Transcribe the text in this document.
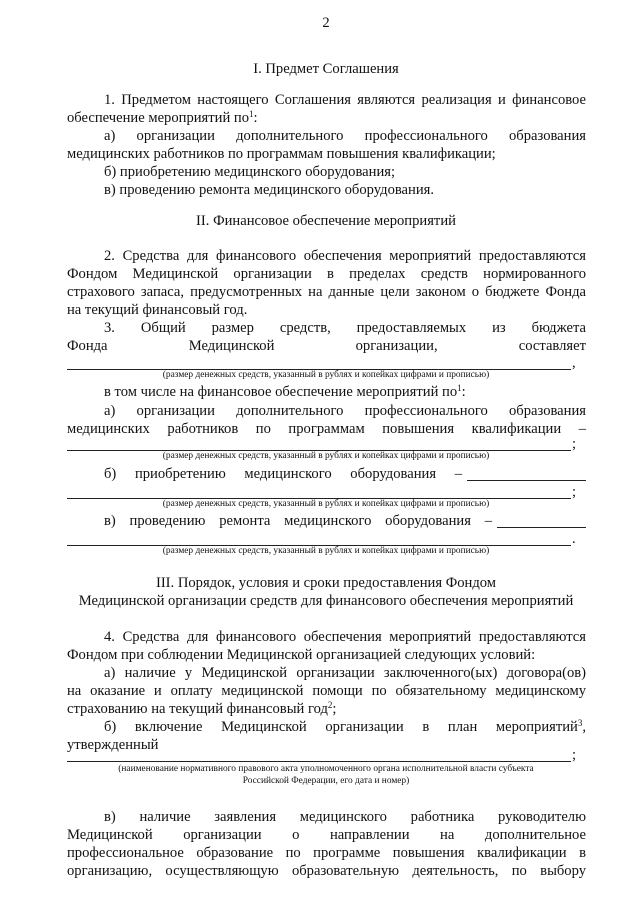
2
I. Предмет Соглашения
1. Предметом настоящего Соглашения являются реализация и финансовое
обеспечение мероприятий $по^1$:
а) организации дополнительного профессионального образования
медицинских работников по программам повышения квалификации;
б) приобретению медицинского оборудования;
в) проведению ремонта медицинского оборудования.
II. Финансовое обеспечение мероприятий
2. Средства для финансового обеспечения мероприятий предоставляются
Фондом Медицинской организации в пределах средств нормированного
страхового запаса, предусмотренных на данные цели законом о бюджете Фонда
на текущий финансовый год.
3. Общий размер средств, предоставляемых из бюджета
Фонда Медицинской организации, составляет
,
(размер денежных средств, указанный в рублях и копейках цифрами и прописью)
в том числе на финансовое обеспечение мероприятий $по^1$:
а) организации дополнительного профессионального образования
медицинских работников по программам повышения квалификации –
;
(размер денежных средств, указанный в рублях и копейках цифрами и прописью)
б) приобретению медицинского оборудования –
;
(размер денежных средств, указанный в рублях и копейках цифрами и прописью)
в) проведению ремонта медицинского оборудования –
.
(размер денежных средств, указанный в рублях и копейках цифрами и прописью)
III. Порядок, условия и сроки предоставления Фондом
Медицинской организации средств для финансового обеспечения мероприятий
4. Средства для финансового обеспечения мероприятий предоставляются
Фондом при соблюдении Медицинской организацией следующих условий:
а) наличие у Медицинской организации заключенного(ых) договора(ов)
на оказание и оплату медицинской помощи по обязательному медицинскому
страхованию на текущий финансовый год$^2$;
б) включение Медицинской организации в план мероприятий $^3$,
утвержденный
;
(наименование нормативного правового акта уполномоченного органа исполнительной власти субъекта
Российской Федерации, его дата и номер)
в) наличие заявления медицинского работника руководителю
Медицинской организации о направлении на дополнительное
профессиональное образование по программе повышения квалификации в
организацию, осуществляющую образовательную деятельность, по выбору
